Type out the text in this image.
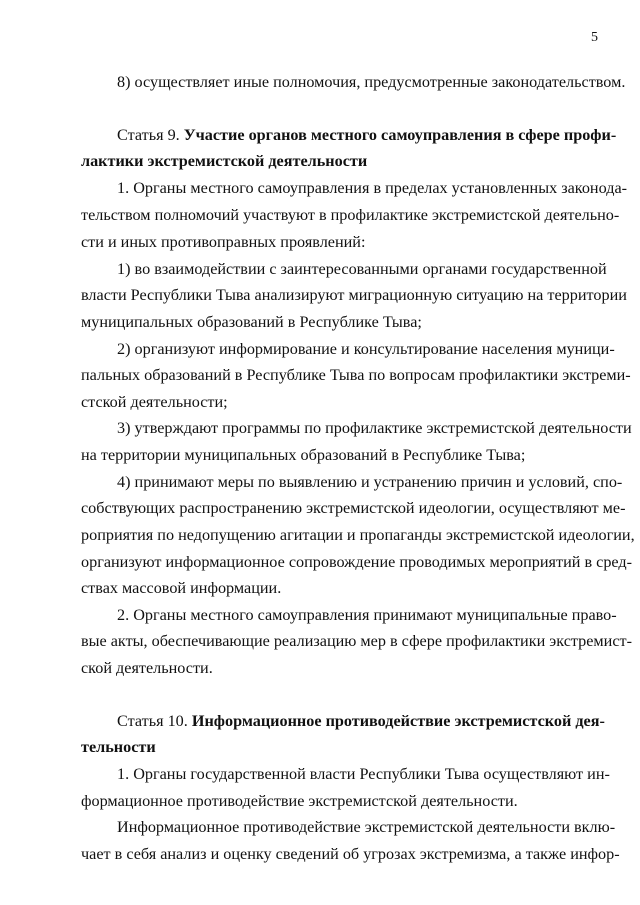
5
8) осуществляет иные полномочия, предусмотренные законодательством.
Статья 9. Участие органов местного самоуправления в сфере профи-
лактики экстремистской деятельности
1. Органы местного самоуправления в пределах установленных законода-
тельством полномочий участвуют в профилактике экстремистской деятельно-
сти и иных противоправных проявлений:
1) во взаимодействии с заинтересованными органами государственной
власти Республики Тыва анализируют миграционную ситуацию на территории
муниципальных образований в Республике Тыва;
2) организуют информирование и консультирование населения муници-
пальных образований в Республике Тыва по вопросам профилактики экстреми-
стской деятельности;
3) утверждают программы по профилактике экстремистской деятельности
на территории муниципальных образований в Республике Тыва;
4) принимают меры по выявлению и устранению причин и условий, спо-
собствующих распространению экстремистской идеологии, осуществляют ме-
роприятия по недопущению агитации и пропаганды экстремистской идеологии,
организуют информационное сопровождение проводимых мероприятий в сред-
ствах массовой информации.
2. Органы местного самоуправления принимают муниципальные право-
вые акты, обеспечивающие реализацию мер в сфере профилактики экстремист-
ской деятельности.
Статья 10. Информационное противодействие экстремистской дея-
тельности
1. Органы государственной власти Республики Тыва осуществляют ин-
формационное противодействие экстремистской деятельности.
Информационное противодействие экстремистской деятельности вклю-
чает в себя анализ и оценку сведений об угрозах экстремизма, а также инфор-
